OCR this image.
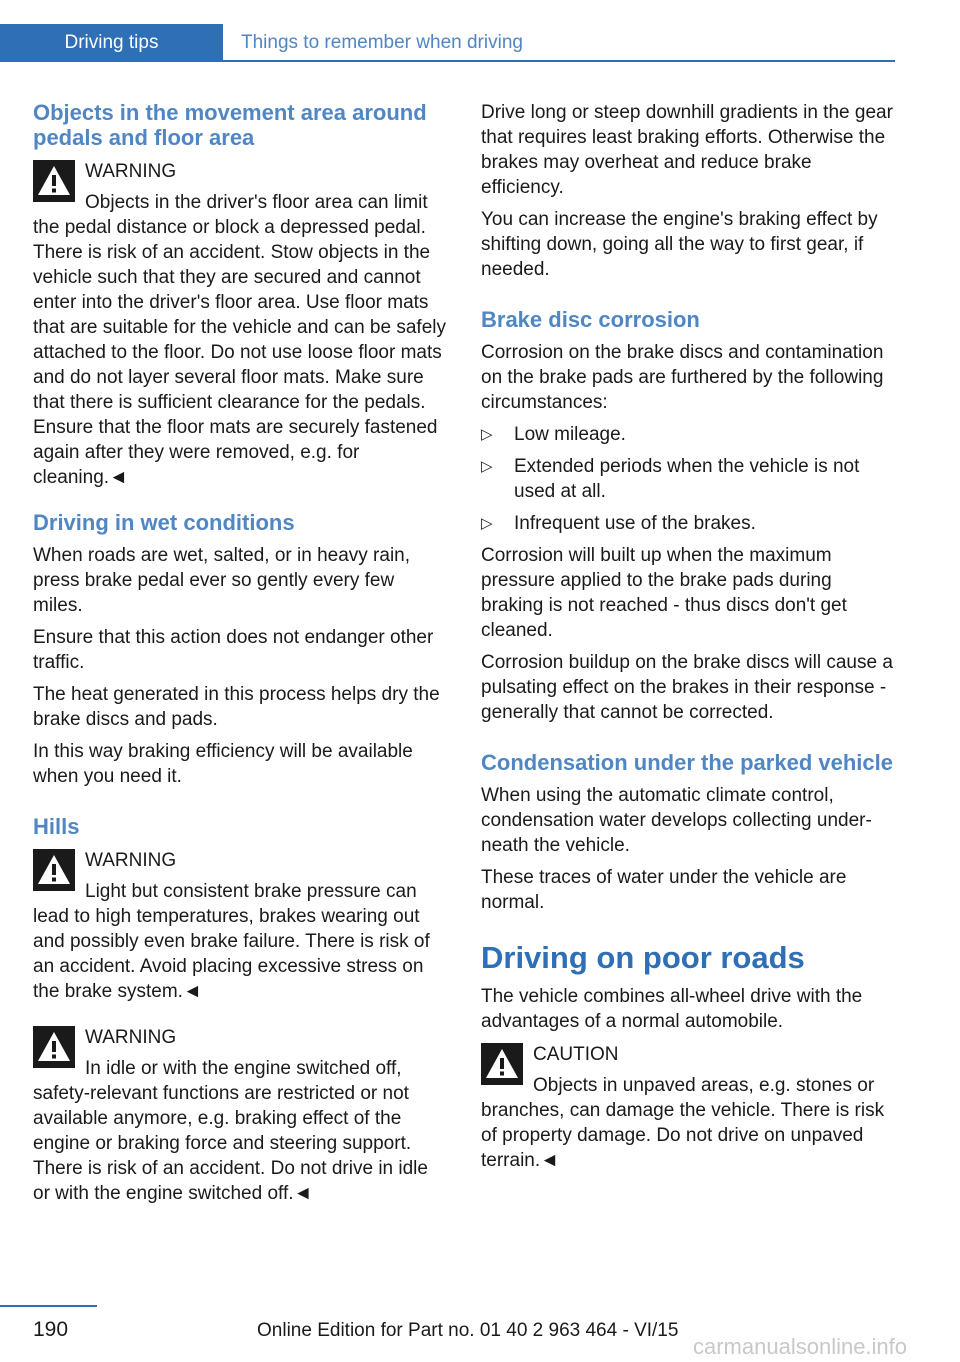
Driving tips	Things to remember when driving
Objects in the movement area around pedals and floor area
WARNING

Objects in the driver's floor area can limit the pedal distance or block a depressed pedal. There is risk of an accident. Stow objects in the vehicle such that they are secured and cannot enter into the driver's floor area. Use floor mats that are suitable for the vehicle and can be safely attached to the floor. Do not use loose floor mats and do not layer several floor mats. Make sure that there is sufficient clearance for the pedals. Ensure that the floor mats are securely fastened again after they were removed, e.g. for cleaning.◄

Driving in wet conditions

When roads are wet, salted, or in heavy rain, press brake pedal ever so gently every few miles.

Ensure that this action does not endanger other traffic.

The heat generated in this process helps dry the brake discs and pads.

In this way braking efficiency will be available when you need it.

Hills
WARNING

Light but consistent brake pressure can lead to high temperatures, brakes wearing out and possibly even brake failure. There is risk of an accident. Avoid placing excessive stress on the brake system.◄

WARNING

In idle or with the engine switched off, safety-relevant functions are restricted or not available anymore, e.g. braking effect of the engine or braking force and steering support. There is risk of an accident. Do not drive in idle or with the engine switched off.◄

Drive long or steep downhill gradients in the gear that requires least braking efforts. Otherwise the brakes may overheat and reduce brake efficiency.

You can increase the engine's braking effect by shifting down, going all the way to first gear, if needed.

Brake disc corrosion

Corrosion on the brake discs and contamination on the brake pads are furthered by the following circumstances:

▷ Low mileage.
▷ Extended periods when the vehicle is not used at all.
▷ Infrequent use of the brakes.

Corrosion will built up when the maximum pressure applied to the brake pads during braking is not reached - thus discs don't get cleaned.

Corrosion buildup on the brake discs will cause a pulsating effect on the brakes in their response - generally that cannot be corrected.

Condensation under the parked vehicle

When using the automatic climate control, condensation water develops collecting underneath the vehicle.

These traces of water under the vehicle are normal.

Driving on poor roads

The vehicle combines all-wheel drive with the advantages of a normal automobile.

CAUTION

Objects in unpaved areas, e.g. stones or branches, can damage the vehicle. There is risk of property damage. Do not drive on unpaved terrain.◄

190	Online Edition for Part no. 01 40 2 963 464 - VI/15
carmanualsonline.info
